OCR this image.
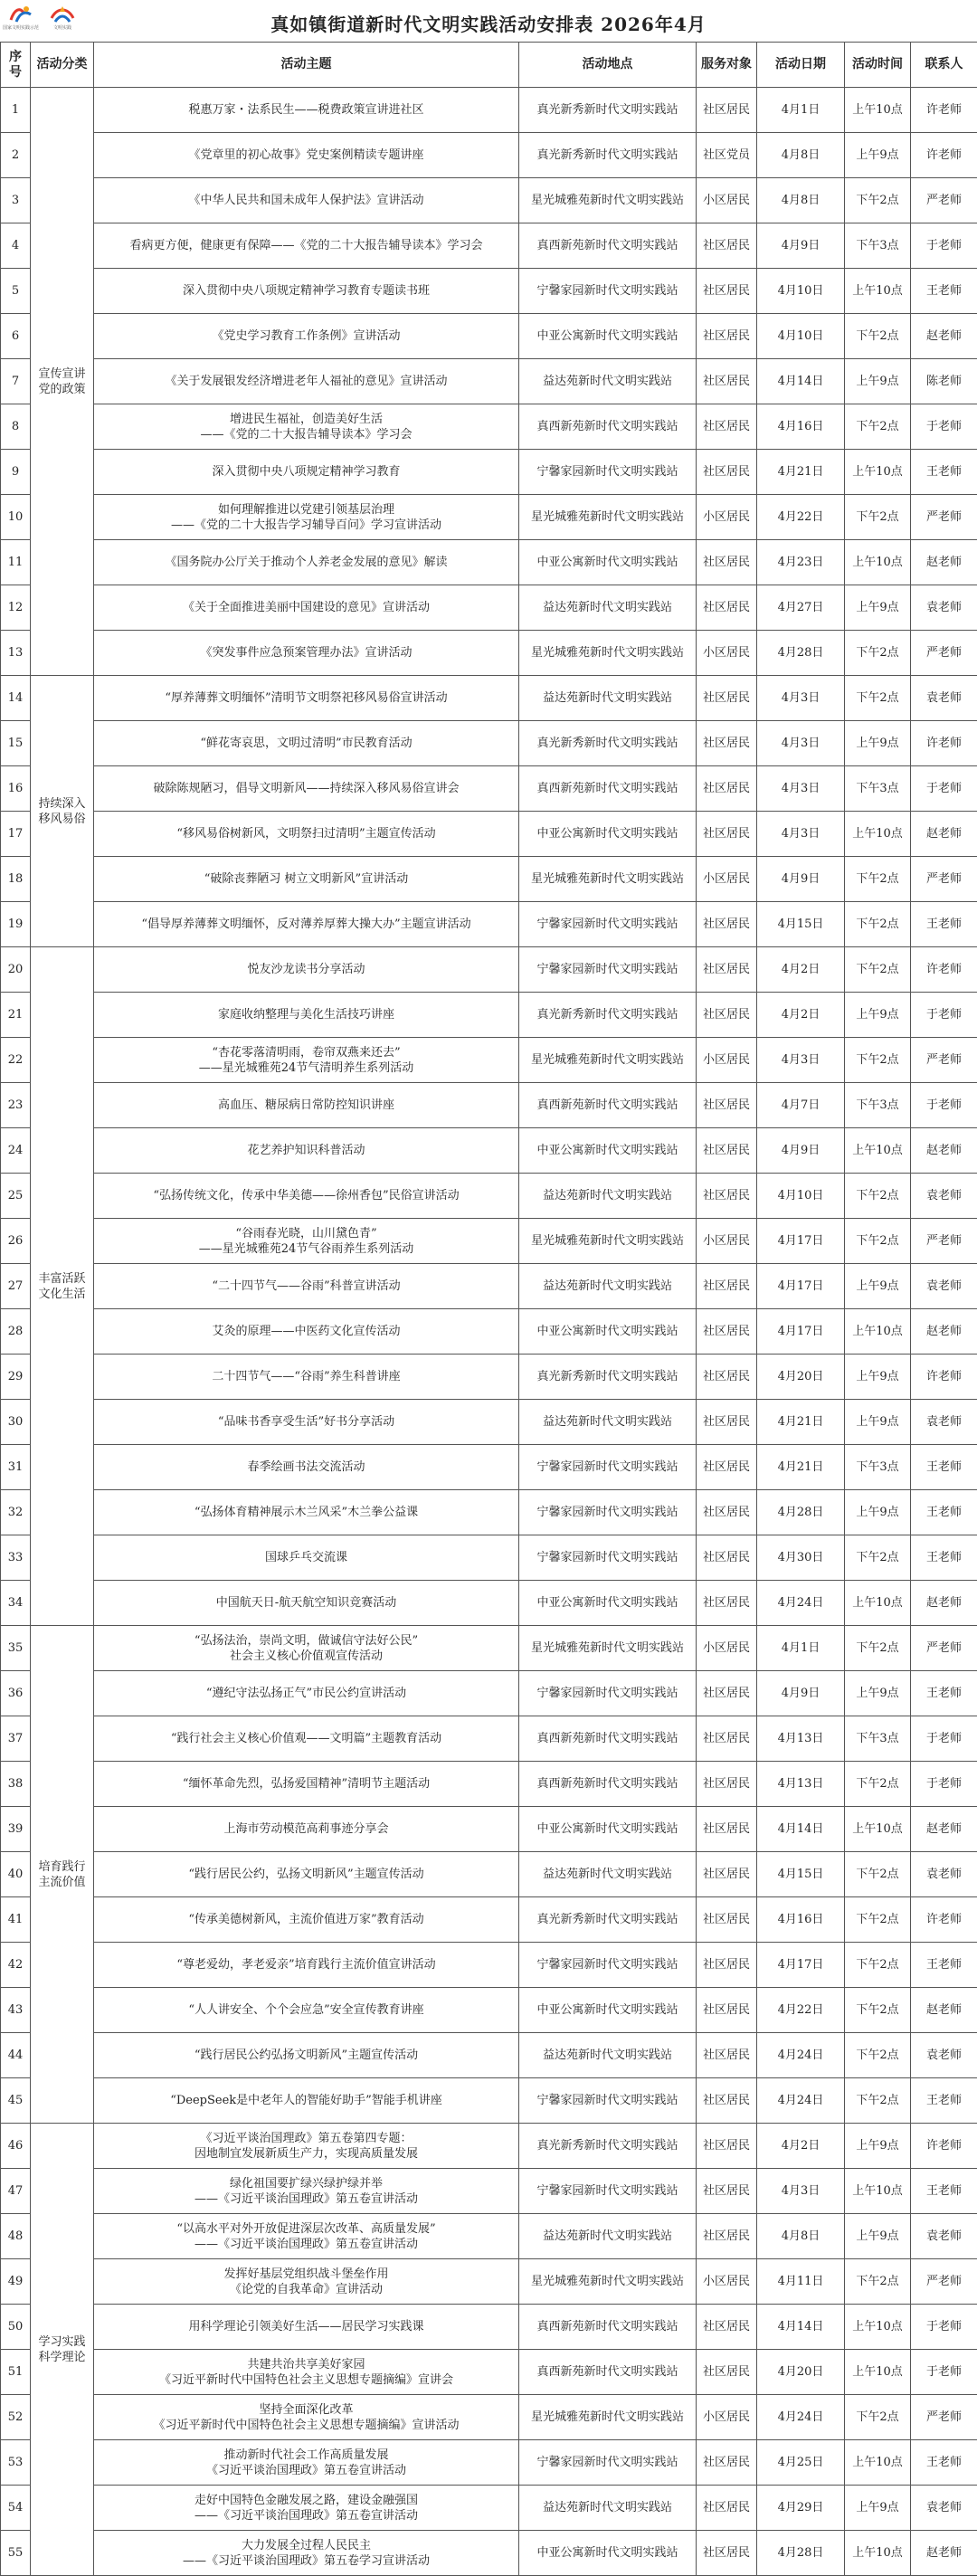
国家文明实践示范	文明实践	真如镇街道新时代文明实践活动安排表 2026年4月
序号	活动分类	活动主题	活动地点	服务对象	活动日期	活动时间	联系人
1	宣传宣讲党的政策	税惠万家・法系民生——税费政策宣讲进社区	真光新秀新时代文明实践站	社区居民	4月1日	上午10点	许老师
2		《党章里的初心故事》党史案例精读专题讲座	真光新秀新时代文明实践站	社区党员	4月8日	上午9点	许老师
3		《中华人民共和国未成年人保护法》宣讲活动	星光城雅苑新时代文明实践站	小区居民	4月8日	下午2点	严老师
4		看病更方便，健康更有保障——《党的二十大报告辅导读本》学习会	真西新苑新时代文明实践站	社区居民	4月9日	下午3点	于老师
5		深入贯彻中央八项规定精神学习教育专题读书班	宁馨家园新时代文明实践站	社区居民	4月10日	上午10点	王老师
6		《党史学习教育工作条例》宣讲活动	中亚公寓新时代文明实践站	社区居民	4月10日	下午2点	赵老师
7		《关于发展银发经济增进老年人福祉的意见》宣讲活动	益达苑新时代文明实践站	社区居民	4月14日	上午9点	陈老师
8		增进民生福祉，创造美好生活
——《党的二十大报告辅导读本》学习会	真西新苑新时代文明实践站	社区居民	4月16日	下午2点	于老师
9		深入贯彻中央八项规定精神学习教育	宁馨家园新时代文明实践站	社区居民	4月21日	上午10点	王老师
10		如何理解推进以党建引领基层治理
——《党的二十大报告学习辅导百问》学习宣讲活动	星光城雅苑新时代文明实践站	小区居民	4月22日	下午2点	严老师
11		《国务院办公厅关于推动个人养老金发展的意见》解读	中亚公寓新时代文明实践站	社区居民	4月23日	上午10点	赵老师
12		《关于全面推进美丽中国建设的意见》宣讲活动	益达苑新时代文明实践站	社区居民	4月27日	上午9点	袁老师
13		《突发事件应急预案管理办法》宣讲活动	星光城雅苑新时代文明实践站	小区居民	4月28日	下午2点	严老师
14	持续深入移风易俗	“厚养薄葬文明缅怀”清明节文明祭祀移风易俗宣讲活动	益达苑新时代文明实践站	社区居民	4月3日	下午2点	袁老师
15		“鲜花寄哀思，文明过清明”市民教育活动	真光新秀新时代文明实践站	社区居民	4月3日	上午9点	许老师
16		破除陈规陋习，倡导文明新风——持续深入移风易俗宣讲会	真西新苑新时代文明实践站	社区居民	4月3日	下午3点	于老师
17		“移风易俗树新风，文明祭扫过清明”主题宣传活动	中亚公寓新时代文明实践站	社区居民	4月3日	上午10点	赵老师
18		“破除丧葬陋习 树立文明新风”宣讲活动	星光城雅苑新时代文明实践站	小区居民	4月9日	下午2点	严老师
19		“倡导厚养薄葬文明缅怀，反对薄养厚葬大操大办”主题宣讲活动	宁馨家园新时代文明实践站	社区居民	4月15日	下午2点	王老师
20	丰富活跃文化生活	悦友沙龙读书分享活动	宁馨家园新时代文明实践站	社区居民	4月2日	下午2点	许老师
21		家庭收纳整理与美化生活技巧讲座	真光新秀新时代文明实践站	社区居民	4月2日	上午9点	于老师
22		“杏花零落清明雨，卷帘双燕来还去”
——星光城雅苑24节气清明养生系列活动	星光城雅苑新时代文明实践站	小区居民	4月3日	下午2点	严老师
23		高血压、糖尿病日常防控知识讲座	真西新苑新时代文明实践站	社区居民	4月7日	下午3点	于老师
24		花艺养护知识科普活动	中亚公寓新时代文明实践站	社区居民	4月9日	上午10点	赵老师
25		“弘扬传统文化，传承中华美德——徐州香包”民俗宣讲活动	益达苑新时代文明实践站	社区居民	4月10日	下午2点	袁老师
26		“谷雨春光晓，山川黛色青”
——星光城雅苑24节气谷雨养生系列活动	星光城雅苑新时代文明实践站	小区居民	4月17日	下午2点	严老师
27		“二十四节气——谷雨”科普宣讲活动	益达苑新时代文明实践站	社区居民	4月17日	上午9点	袁老师
28		艾灸的原理——中医药文化宣传活动	中亚公寓新时代文明实践站	社区居民	4月17日	上午10点	赵老师
29		二十四节气——“谷雨”养生科普讲座	真光新秀新时代文明实践站	社区居民	4月20日	上午9点	许老师
30		“品味书香享受生活”好书分享活动	益达苑新时代文明实践站	社区居民	4月21日	上午9点	袁老师
31		春季绘画书法交流活动	宁馨家园新时代文明实践站	社区居民	4月21日	下午3点	王老师
32		“弘扬体育精神展示木兰风采”木兰拳公益课	宁馨家园新时代文明实践站	社区居民	4月28日	上午9点	王老师
33		国球乒乓交流课	宁馨家园新时代文明实践站	社区居民	4月30日	下午2点	王老师
34		中国航天日-航天航空知识竞赛活动	中亚公寓新时代文明实践站	社区居民	4月24日	上午10点	赵老师
35	培育践行主流价值	“弘扬法治，崇尚文明，做诚信守法好公民”
社会主义核心价值观宣传活动	星光城雅苑新时代文明实践站	小区居民	4月1日	下午2点	严老师
36		“遵纪守法弘扬正气”市民公约宣讲活动	宁馨家园新时代文明实践站	社区居民	4月9日	上午9点	王老师
37		“践行社会主义核心价值观——文明篇”主题教育活动	真西新苑新时代文明实践站	社区居民	4月13日	下午3点	于老师
38		“缅怀革命先烈，弘扬爱国精神”清明节主题活动	真西新苑新时代文明实践站	社区居民	4月13日	下午2点	于老师
39		上海市劳动模范高莉事迹分享会	中亚公寓新时代文明实践站	社区居民	4月14日	上午10点	赵老师
40		“践行居民公约，弘扬文明新风”主题宣传活动	益达苑新时代文明实践站	社区居民	4月15日	下午2点	袁老师
41		“传承美德树新风，主流价值进万家”教育活动	真光新秀新时代文明实践站	社区居民	4月16日	下午2点	许老师
42		“尊老爱幼，孝老爱亲”培育践行主流价值宣讲活动	宁馨家园新时代文明实践站	社区居民	4月17日	下午2点	王老师
43		“人人讲安全、个个会应急”安全宣传教育讲座	中亚公寓新时代文明实践站	社区居民	4月22日	下午2点	赵老师
44		“践行居民公约弘扬文明新风”主题宣传活动	益达苑新时代文明实践站	社区居民	4月24日	下午2点	袁老师
45		“DeepSeek是中老年人的智能好助手”智能手机讲座	宁馨家园新时代文明实践站	社区居民	4月24日	下午2点	王老师
46	学习实践科学理论	《习近平谈治国理政》第五卷第四专题：
因地制宜发展新质生产力，实现高质量发展	真光新秀新时代文明实践站	社区居民	4月2日	上午9点	许老师
47		绿化祖国要扩绿兴绿护绿并举
——《习近平谈治国理政》第五卷宣讲活动	宁馨家园新时代文明实践站	社区居民	4月3日	上午10点	王老师
48		“以高水平对外开放促进深层次改革、高质量发展”
——《习近平谈治国理政》第五卷宣讲活动	益达苑新时代文明实践站	社区居民	4月8日	上午9点	袁老师
49		发挥好基层党组织战斗堡垒作用
《论党的自我革命》宣讲活动	星光城雅苑新时代文明实践站	小区居民	4月11日	下午2点	严老师
50		用科学理论引领美好生活——居民学习实践课	真西新苑新时代文明实践站	社区居民	4月14日	上午10点	于老师
51		共建共治共享美好家园
《习近平新时代中国特色社会主义思想专题摘编》宣讲会	真西新苑新时代文明实践站	社区居民	4月20日	上午10点	于老师
52		坚持全面深化改革
《习近平新时代中国特色社会主义思想专题摘编》宣讲活动	星光城雅苑新时代文明实践站	小区居民	4月24日	下午2点	严老师
53		推动新时代社会工作高质量发展
《习近平谈治国理政》第五卷宣讲活动	宁馨家园新时代文明实践站	社区居民	4月25日	上午10点	王老师
54		走好中国特色金融发展之路，建设金融强国
——《习近平谈治国理政》第五卷宣讲活动	益达苑新时代文明实践站	社区居民	4月29日	上午9点	袁老师
55		大力发展全过程人民民主
——《习近平谈治国理政》第五卷学习宣讲活动	中亚公寓新时代文明实践站	社区居民	4月28日	上午10点	赵老师
